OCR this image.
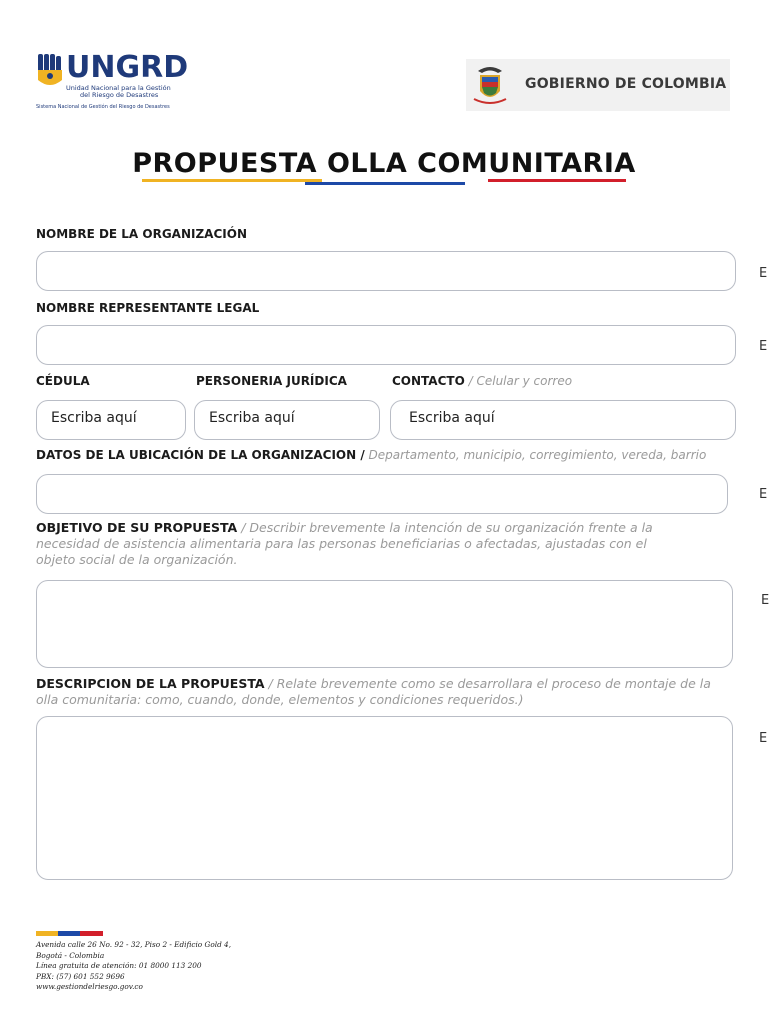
UNGRD
Unidad Nacional para la Gestión
del Riesgo de Desastres
Sistema Nacional de Gestión del Riesgo de Desastres
GOBIERNO DE COLOMBIA
PROPUESTA OLLA COMUNITARIA
NOMBRE DE LA ORGANIZACIÓN
E
NOMBRE REPRESENTANTE LEGAL
E
CÉDULA	PERSONERIA JURÍDICA	CONTACTO / Celular y correo
Escriba aquí	Escriba aquí	Escriba aquí
DATOS DE LA UBICACIÓN DE LA ORGANIZACION / Departamento, municipio, corregimiento, vereda, barrio
E
OBJETIVO DE SU PROPUESTA / Describir brevemente la intención de su organización frente a la
necesidad de asistencia alimentaria para las personas beneficiarias o afectadas, ajustadas con el
objeto social de la organización.
E
DESCRIPCION DE LA PROPUESTA / Relate brevemente como se desarrollara el proceso de montaje de la
olla comunitaria: como, cuando, donde, elementos y condiciones requeridos.)
E
Avenida calle 26 No. 92 - 32, Piso 2 - Edificio Gold 4,
Bogotá - Colombia
Línea gratuita de atención: 01 8000 113 200
PBX: (57) 601 552 9696
www.gestiondelriesgo.gov.co
